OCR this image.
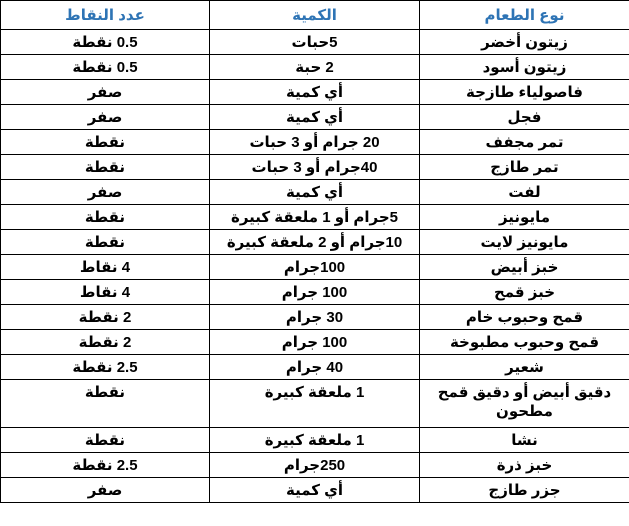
نوع الطعام	الكمية	عدد النقاط
زيتون أخضر	5حبات	0.5 نقطة
زيتون أسود	2 حبة	0.5 نقطة
فاصولياء طازجة	أي كمية	صفر
فجل	أي كمية	صفر
تمر مجفف	20 جرام أو 3 حبات	نقطة
تمر طازج	40جرام أو 3 حبات	نقطة
لفت	أي كمية	صفر
مايونيز	5جرام أو 1 ملعقة كبيرة	نقطة
مايونيز لايت	10جرام أو 2 ملعقة كبيرة	نقطة
خبز أبيض	100جرام	4 نقاط
خبز قمح	100 جرام	4 نقاط
قمح وحبوب خام	30 جرام	2 نقطة
قمح وحبوب مطبوخة	100 جرام	2 نقطة
شعير	40 جرام	2.5 نقطة
دقيق أبيض أو دقيق قمح مطحون	1 ملعقة كبيرة	نقطة
نشا	1 ملعقة كبيرة	نقطة
خبز ذرة	250جرام	2.5 نقطة
جزر طازج	أي كمية	صفر
